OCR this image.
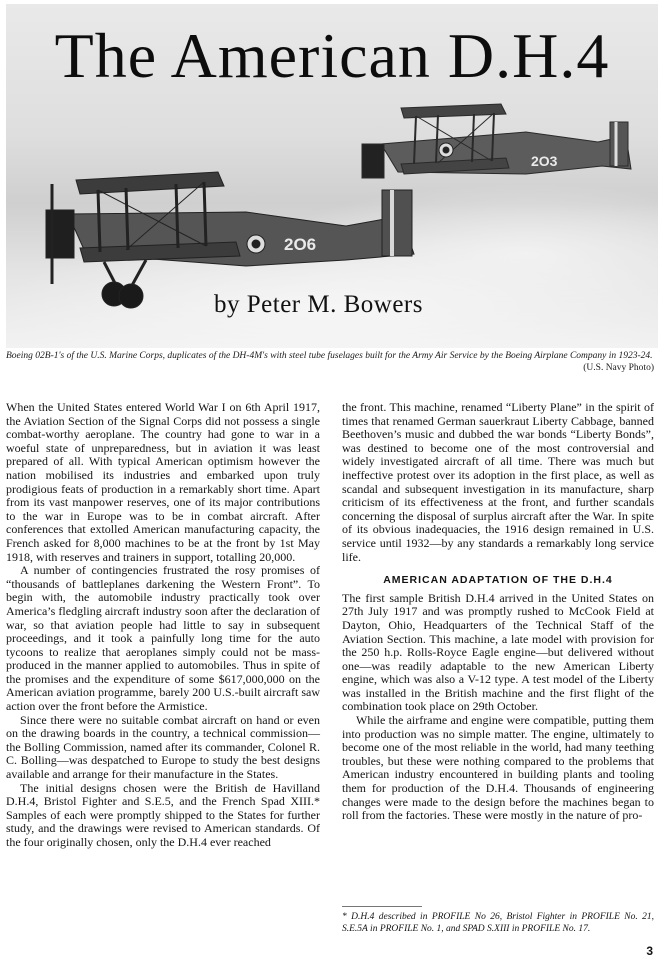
2O3
2O6
The American D.H.4
by Peter M. Bowers
Boeing 02B-1's of the U.S. Marine Corps, duplicates of the DH-4M's with steel tube fuselages built for the Army Air Service by the Boeing Airplane Company in 1923-24.
(U.S. Navy Photo)

When the United States entered World War I on 6th April 1917, the Aviation Section of the Signal Corps did not possess a single combat-worthy aeroplane. The country had gone to war in a woeful state of unpreparedness, but in aviation it was least prepared of all. With typical American optimism however the nation mobilised its industries and embarked upon truly prodigious feats of production in a remarkably short time. Apart from its vast manpower reserves, one of its major contributions to the war in Europe was to be in combat aircraft. After conferences that extolled American manufacturing capacity, the French asked for 8,000 machines to be at the front by 1st May 1918, with reserves and trainers in support, totalling 20,000.

A number of contingencies frustrated the rosy promises of “thousands of battleplanes darkening the Western Front”. To begin with, the automobile industry practically took over America’s fledgling aircraft industry soon after the declaration of war, so that aviation people had little to say in subsequent proceedings, and it took a painfully long time for the auto tycoons to realize that aeroplanes simply could not be mass-produced in the manner applied to automobiles. Thus in spite of the promises and the expenditure of some $617,000,000 on the American aviation programme, barely 200 U.S.-built aircraft saw action over the front before the Armistice.

Since there were no suitable combat aircraft on hand or even on the drawing boards in the country, a technical commission—the Bolling Commission, named after its commander, Colonel R. C. Bolling—was despatched to Europe to study the best designs available and arrange for their manufacture in the States.

The initial designs chosen were the British de Havilland D.H.4, Bristol Fighter and S.E.5, and the French Spad XIII.* Samples of each were promptly shipped to the States for further study, and the drawings were revised to American standards. Of the four originally chosen, only the D.H.4 ever reached

the front. This machine, renamed “Liberty Plane” in the spirit of times that renamed German sauerkraut Liberty Cabbage, banned Beethoven’s music and dubbed the war bonds “Liberty Bonds”, was destined to become one of the most controversial and widely investigated aircraft of all time. There was much but ineffective protest over its adoption in the first place, as well as scandal and subsequent investigation in its manufacture, sharp criticism of its effectiveness at the front, and further scandals concerning the disposal of surplus aircraft after the War. In spite of its obvious inadequacies, the 1916 design remained in U.S. service until 1932—by any standards a remarkably long service life.

AMERICAN ADAPTATION OF THE D.H.4

The first sample British D.H.4 arrived in the United States on 27th July 1917 and was promptly rushed to McCook Field at Dayton, Ohio, Headquarters of the Technical Staff of the Aviation Section. This machine, a late model with provision for the 250 h.p. Rolls-Royce Eagle engine—but delivered without one—was readily adaptable to the new American Liberty engine, which was also a V-12 type. A test model of the Liberty was installed in the British machine and the first flight of the combination took place on 29th October.

While the airframe and engine were compatible, putting them into production was no simple matter. The engine, ultimately to become one of the most reliable in the world, had many teething troubles, but these were nothing compared to the problems that American industry encountered in building plants and tooling them for production of the D.H.4. Thousands of engineering changes were made to the design before the machines began to roll from the factories. These were mostly in the nature of pro-

* D.H.4 described in PROFILE No 26, Bristol Fighter in PROFILE No. 21, S.E.5A in PROFILE No. 1, and SPAD S.XIII in PROFILE No. 17.
3
